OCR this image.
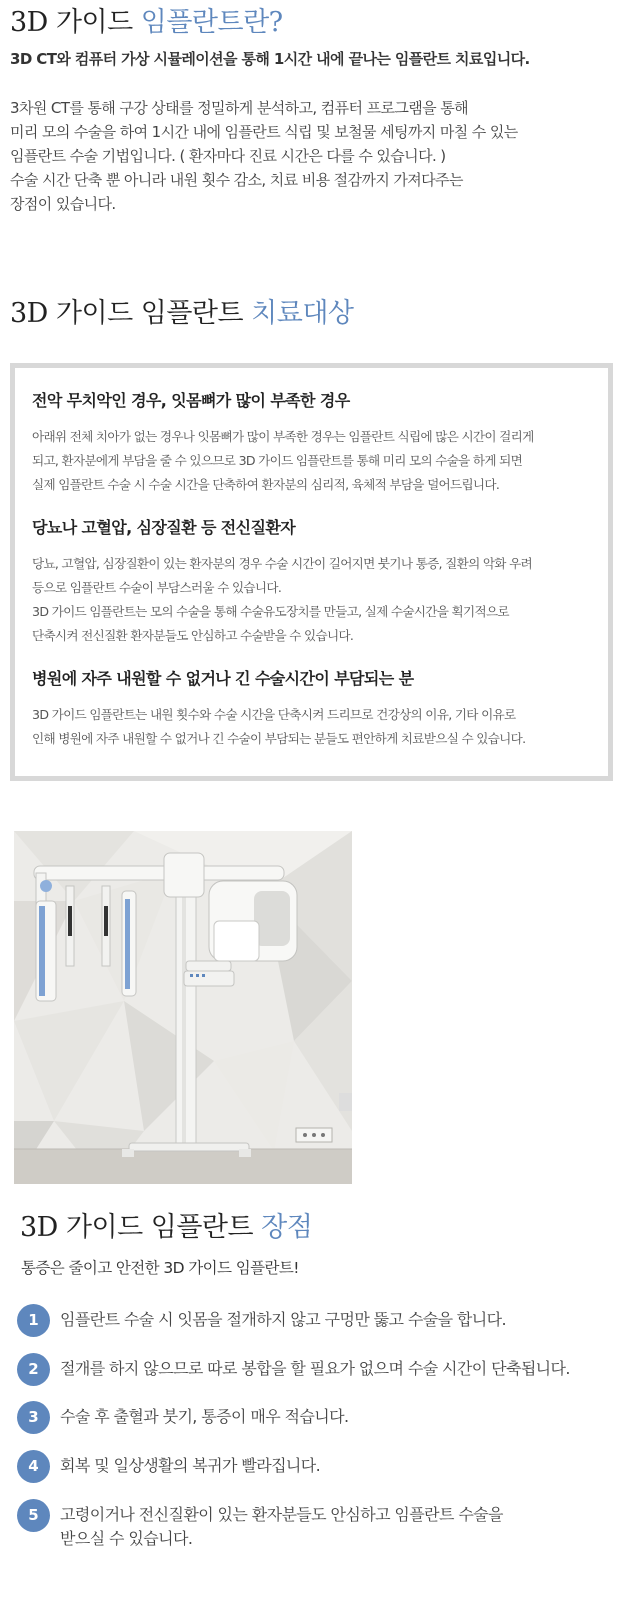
3D 가이드 임플란트란?
3D CT와 컴퓨터 가상 시뮬레이션을 통해 1시간 내에 끝나는 임플란트 치료입니다.

3차원 CT를 통해 구강 상태를 정밀하게 분석하고, 컴퓨터 프로그램을 통해

미리 모의 수술을 하여 1시간 내에 임플란트 식립 및 보철물 세팅까지 마칠 수 있는

임플란트 수술 기법입니다. ( 환자마다 진료 시간은 다를 수 있습니다. )

수술 시간 단축 뿐 아니라 내원 횟수 감소, 치료 비용 절감까지 가져다주는

장점이 있습니다.

3D 가이드 임플란트 치료대상
전악 무치악인 경우, 잇몸뼈가 많이 부족한 경우

아래위 전체 치아가 없는 경우나 잇몸뼈가 많이 부족한 경우는 임플란트 식립에 많은 시간이 걸리게

되고, 환자분에게 부담을 줄 수 있으므로 3D 가이드 임플란트를 통해 미리 모의 수술을 하게 되면

실제 임플란트 수술 시 수술 시간을 단축하여 환자분의 심리적, 육체적 부담을 덜어드립니다.

당뇨나 고혈압, 심장질환 등 전신질환자

당뇨, 고혈압, 심장질환이 있는 환자분의 경우 수술 시간이 길어지면 붓기나 통증, 질환의 악화 우려

등으로 임플란트 수술이 부담스러울 수 있습니다.

3D 가이드 임플란트는 모의 수술을 통해 수술유도장치를 만들고, 실제 수술시간을 획기적으로

단축시켜 전신질환 환자분들도 안심하고 수술받을 수 있습니다.

병원에 자주 내원할 수 없거나 긴 수술시간이 부담되는 분

3D 가이드 임플란트는 내원 횟수와 수술 시간을 단축시켜 드리므로 건강상의 이유, 기타 이유로

인해 병원에 자주 내원할 수 없거나 긴 수술이 부담되는 분들도 편안하게 치료받으실 수 있습니다.

3D 가이드 임플란트 장점
통증은 줄이고 안전한 3D 가이드 임플란트!
1	임플란트 수술 시 잇몸을 절개하지 않고 구멍만 뚫고 수술을 합니다.
2	절개를 하지 않으므로 따로 봉합을 할 필요가 없으며 수술 시간이 단축됩니다.
3	수술 후 출혈과 붓기, 통증이 매우 적습니다.
4	회복 및 일상생활의 복귀가 빨라집니다.
5	고령이거나 전신질환이 있는 환자분들도 안심하고 임플란트 수술을
받으실 수 있습니다.
